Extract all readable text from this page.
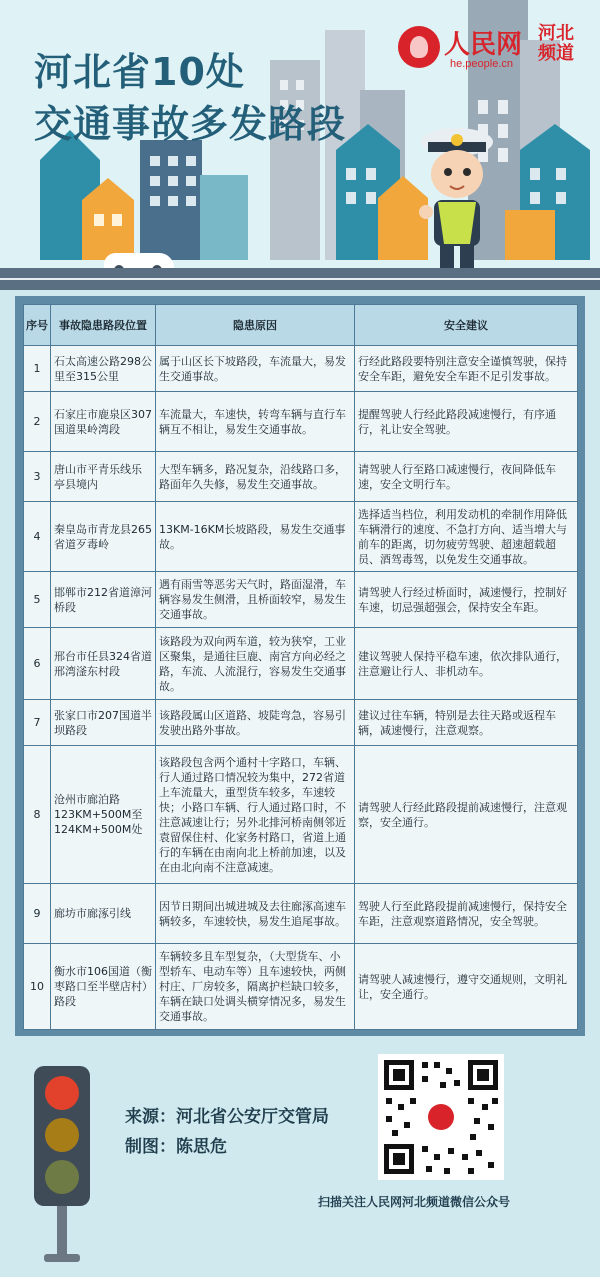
河北省10处
交通事故多发路段
人民网
he.people.cn
河北频道
序号	事故隐患路段位置	隐患原因	安全建议
1	石太高速公路298公里至315公里	属于山区长下坡路段，车流量大，易发生交通事故。	行经此路段要特别注意安全谨慎驾驶，保持安全车距，避免安全车距不足引发事故。
2	石家庄市鹿泉区307国道果岭湾段	车流量大，车速快，转弯车辆与直行车辆互不相让，易发生交通事故。	提醒驾驶人行经此路段减速慢行，有序通行，礼让安全驾驶。
3	唐山市平青乐线乐亭县境内	大型车辆多，路况复杂，沿线路口多，路面年久失修，易发生交通事故。	请驾驶人行至路口减速慢行，夜间降低车速，安全文明行车。
4	秦皇岛市青龙县265省道歹毒岭	13KM-16KM长坡路段，易发生交通事故。	选择适当档位，利用发动机的牵制作用降低车辆滑行的速度、不急打方向、适当增大与前车的距离，切勿疲劳驾驶、超速超载超员、酒驾毒驾，以免发生交通事故。
5	邯郸市212省道漳河桥段	遇有雨雪等恶劣天气时，路面湿滑，车辆容易发生侧滑，且桥面较窄，易发生交通事故。	请驾驶人行经过桥面时，减速慢行，控制好车速，切忌强超强会，保持安全车距。
6	邢台市任县324省道邢湾滏东村段	该路段为双向两车道，较为狭窄，工业区聚集，是通往巨鹿、南宫方向必经之路，车流、人流混行，容易发生交通事故。	建议驾驶人保持平稳车速，依次排队通行，注意避让行人、非机动车。
7	张家口市207国道半坝路段	该路段属山区道路、坡陡弯急，容易引发驶出路外事故。	建议过往车辆，特别是去往天路或返程车辆，减速慢行，注意观察。
8	沧州市廊泊路123KM+500M至124KM+500M处	该路段包含两个通村十字路口，车辆、行人通过路口情况较为集中，272省道上车流量大，重型货车较多，车速较快；小路口车辆、行人通过路口时，不注意减速让行；另外北排河桥南侧邻近袁留保住村、化家务村路口，省道上通行的车辆在由南向北上桥前加速，以及在由北向南不注意减速。	请驾驶人行经此路段提前减速慢行，注意观察，安全通行。
9	廊坊市廊涿引线	因节日期间出城进城及去往廊涿高速车辆较多，车速较快，易发生追尾事故。	驾驶人行至此路段提前减速慢行，保持安全车距，注意观察道路情况，安全驾驶。
10	衡水市106国道（衡枣路口至半壁店村）路段	车辆较多且车型复杂，（大型货车、小型轿车、电动车等）且车速较快，两侧村庄、厂房较多，隔离护栏缺口较多，车辆在缺口处调头横穿情况多，易发生交通事故。	请驾驶人减速慢行，遵守交通规则，文明礼让，安全通行。
来源：河北省公安厅交管局
制图：陈思危
扫描关注人民网河北频道微信公众号
